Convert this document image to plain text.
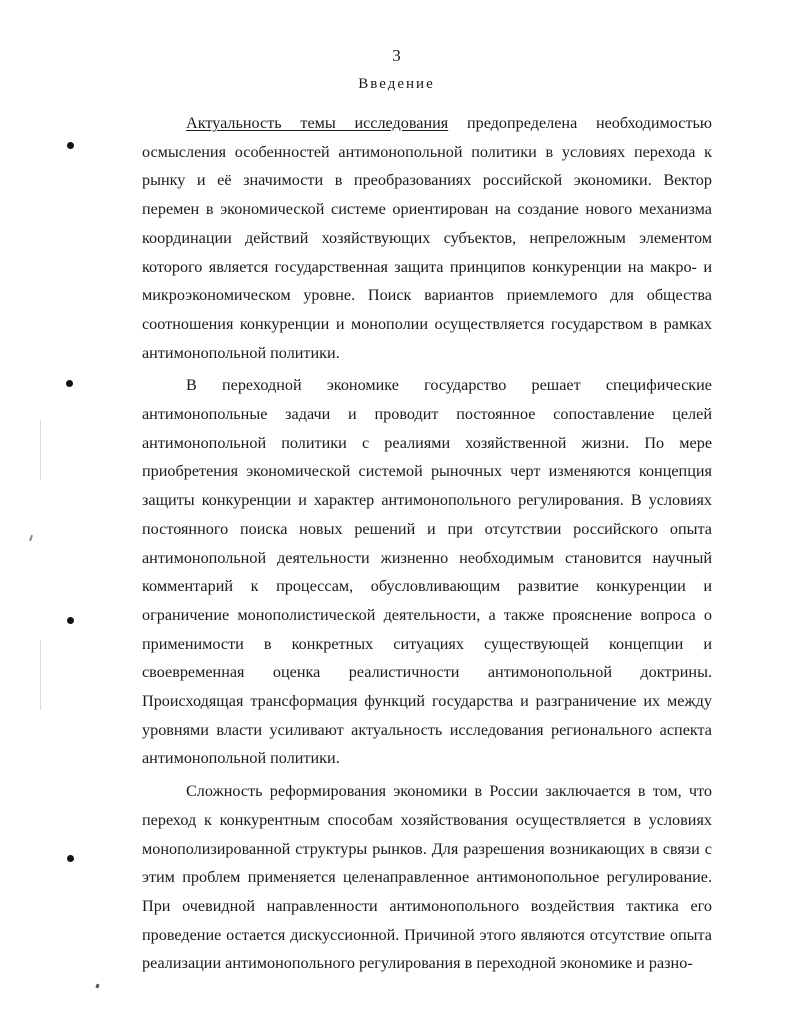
3
Введение

Актуальность темы исследования предопределена необходимостью осмысления особенностей антимонопольной политики в условиях перехода к рынку и её значимости в преобразованиях российской экономики. Вектор перемен в экономической системе ориентирован на создание нового механизма координации действий хозяйствующих субъектов, непреложным элементом которого является государственная защита принципов конкуренции на макро- и микроэкономическом уровне. Поиск вариантов приемлемого для общества соотношения конкуренции и монополии осуществляется государством в рамках антимонопольной политики.

В переходной экономике государство решает специфические антимонопольные задачи и проводит постоянное сопоставление целей антимонопольной политики с реалиями хозяйственной жизни. По мере приобретения экономической системой рыночных черт изменяются концепция защиты конкуренции и характер антимонопольного регулирования. В условиях постоянного поиска новых решений и при отсутствии российского опыта антимонопольной деятельности жизненно необходимым становится научный комментарий к процессам, обусловливающим развитие конкуренции и ограничение монополистической деятельности, а также прояснение вопроса о применимости в конкретных ситуациях существующей концепции и своевременная оценка реалистичности антимонопольной доктрины. Происходящая трансформация функций государства и разграничение их между уровнями власти усиливают актуальность исследования регионального аспекта антимонопольной политики.

Сложность реформирования экономики в России заключается в том, что переход к конкурентным способам хозяйствования осуществляется в условиях монополизированной структуры рынков. Для разрешения возникающих в связи с этим проблем применяется целенаправленное антимонопольное регулирование. При очевидной направленности антимонопольного воздействия тактика его проведение остается дискуссионной. Причиной этого являются отсутствие опыта реализации антимонопольного регулирования в переходной экономике и разно-
